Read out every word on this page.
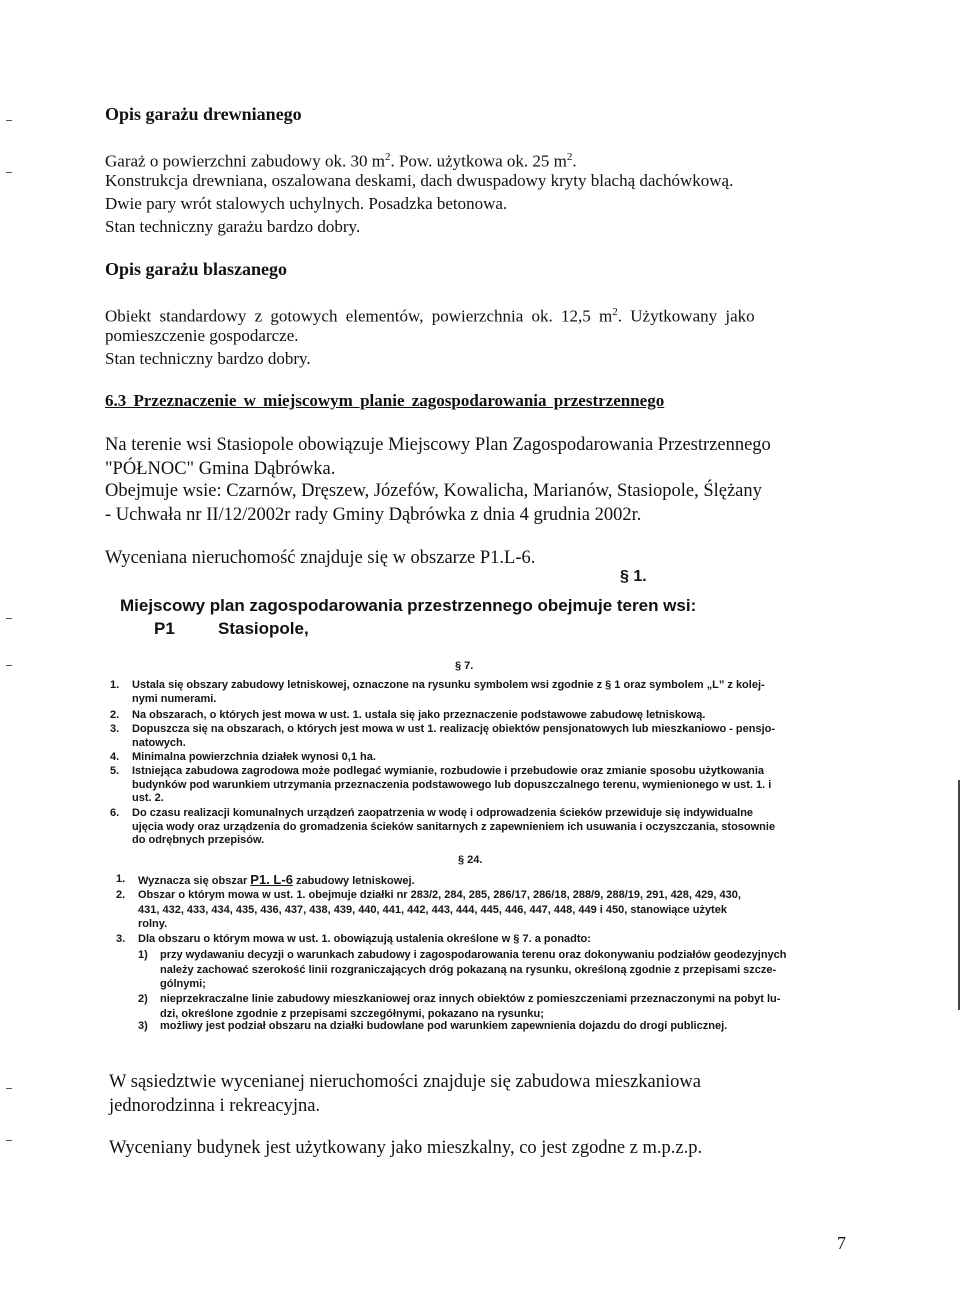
Opis garażu drewnianego
Garaż o powierzchni zabudowy ok. 30 $m^2$. Pow. użytkowa ok. 25 $m^2$.
Konstrukcja drewniana, oszalowana deskami, dach dwuspadowy kryty blachą dachówkową.
Dwie pary wrót stalowych uchylnych. Posadzka betonowa.
Stan techniczny garażu bardzo dobry.
Opis garażu blaszanego
Obiekt standardowy z gotowych elementów, powierzchnia ok. 12,5 $m^2$. Użytkowany jako
pomieszczenie gospodarcze.
Stan techniczny bardzo dobry.
6.3 Przeznaczenie w miejscowym planie zagospodarowania przestrzennego
Na terenie wsi Stasiopole obowiązuje Miejscowy Plan Zagospodarowania Przestrzennego
"PÓŁNOC" Gmina Dąbrówka.
Obejmuje wsie: Czarnów, Dręszew, Józefów, Kowalicha, Marianów, Stasiopole, Ślężany
- Uchwała nr II/12/2002r rady Gminy Dąbrówka z dnia 4 grudnia 2002r.
Wyceniana nieruchomość znajduje się w obszarze P1.L-6.
§ 1.
Miejscowy plan zagospodarowania przestrzennego obejmuje teren wsi:
P1	Stasiopole,
§ 7.
1. Ustala się obszary zabudowy letniskowej, oznaczone na rysunku symbolem wsi zgodnie z § 1 oraz symbolem „L” z kolej-
nymi numerami.
2. Na obszarach, o których jest mowa w ust. 1. ustala się jako przeznaczenie podstawowe zabudowę letniskową.
3. Dopuszcza się na obszarach, o których jest mowa w ust 1. realizację obiektów pensjonatowych lub mieszkaniowo - pensjo-
natowych.
4. Minimalna powierzchnia działek wynosi 0,1 ha.
5. Istniejąca zabudowa zagrodowa może podlegać wymianie, rozbudowie i przebudowie oraz zmianie sposobu użytkowania
budynków pod warunkiem utrzymania przeznaczenia podstawowego lub dopuszczalnego terenu, wymienionego w ust. 1. i
ust. 2.
6. Do czasu realizacji komunalnych urządzeń zaopatrzenia w wodę i odprowadzenia ścieków przewiduje się indywidualne
ujęcia wody oraz urządzenia do gromadzenia ścieków sanitarnych z zapewnieniem ich usuwania i oczyszczania, stosownie
do odrębnych przepisów.
§ 24.
1. Wyznacza się obszar P1. L-6 zabudowy letniskowej.
2. Obszar o którym mowa w ust. 1. obejmuje działki nr 283/2, 284, 285, 286/17, 286/18, 288/9, 288/19, 291, 428, 429, 430,
431, 432, 433, 434, 435, 436, 437, 438, 439, 440, 441, 442, 443, 444, 445, 446, 447, 448, 449 i 450, stanowiące użytek
rolny.
3. Dla obszaru o którym mowa w ust. 1. obowiązują ustalenia określone w § 7. a ponadto:
1) przy wydawaniu decyzji o warunkach zabudowy i zagospodarowania terenu oraz dokonywaniu podziałów geodezyjnych
należy zachować szerokość linii rozgraniczających dróg pokazaną na rysunku, określoną zgodnie z przepisami szcze-
gólnymi;
2) nieprzekraczalne linie zabudowy mieszkaniowej oraz innych obiektów z pomieszczeniami przeznaczonymi na pobyt lu-
dzi, określone zgodnie z przepisami szczegółnymi, pokazano na rysunku;
3) możliwy jest podział obszaru na działki budowlane pod warunkiem zapewnienia dojazdu do drogi publicznej.
W sąsiedztwie wycenianej nieruchomości znajduje się zabudowa mieszkaniowa
jednorodzinna i rekreacyjna.
Wyceniany budynek jest użytkowany jako mieszkalny, co jest zgodne z m.p.z.p.
7
